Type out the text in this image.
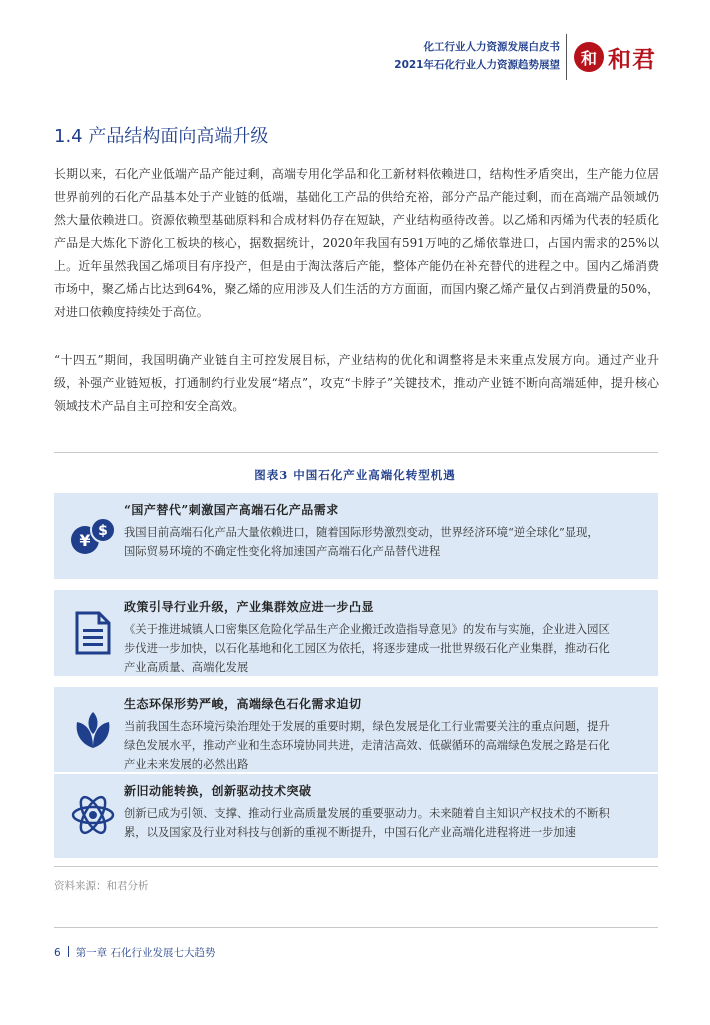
化工行业人力资源发展白皮书
2021年石化行业人力资源趋势展望 和 和君
1.4 产品结构面向高端升级

长期以来，石化产业低端产品产能过剩，高端专用化学品和化工新材料依赖进口，结构性矛盾突出，生产能力位居世界前列的石化产品基本处于产业链的低端，基础化工产品的供给充裕，部分产品产能过剩，而在高端产品领域仍然大量依赖进口。资源依赖型基础原料和合成材料仍存在短缺，产业结构亟待改善。以乙烯和丙烯为代表的轻质化产品是大炼化下游化工板块的核心，据数据统计，2020年我国有591万吨的乙烯依靠进口，占国内需求的25%以上。近年虽然我国乙烯项目有序投产，但是由于淘汰落后产能，整体产能仍在补充替代的进程之中。国内乙烯消费市场中，聚乙烯占比达到64%，聚乙烯的应用涉及人们生活的方方面面，而国内聚乙烯产量仅占到消费量的50%，对进口依赖度持续处于高位。

“十四五”期间，我国明确产业链自主可控发展目标，产业结构的优化和调整将是未来重点发展方向。通过产业升级，补强产业链短板，打通制约行业发展“堵点”，攻克“卡脖子”关键技术，推动产业链不断向高端延伸，提升核心领域技术产品自主可控和安全高效。

图表3 中国石化产业高端化转型机遇
¥ $
“国产替代”刺激国产高端石化产品需求
我国目前高端石化产品大量依赖进口，随着国际形势激烈变动，世界经济环境“逆全球化”显现，国际贸易环境的不确定性变化将加速国产高端石化产品替代进程
政策引导行业升级，产业集群效应进一步凸显
《关于推进城镇人口密集区危险化学品生产企业搬迁改造指导意见》的发布与实施，企业进入园区步伐进一步加快，以石化基地和化工园区为依托，将逐步建成一批世界级石化产业集群，推动石化产业高质量、高端化发展
生态环保形势严峻，高端绿色石化需求迫切
当前我国生态环境污染治理处于发展的重要时期，绿色发展是化工行业需要关注的重点问题，提升绿色发展水平，推动产业和生态环境协同共进，走清洁高效、低碳循环的高端绿色发展之路是石化产业未来发展的必然出路
新旧动能转换，创新驱动技术突破
创新已成为引领、支撑、推动行业高质量发展的重要驱动力。未来随着自主知识产权技术的不断积累，以及国家及行业对科技与创新的重视不断提升，中国石化产业高端化进程将进一步加速
资料来源：和君分析
6 第一章 石化行业发展七大趋势
